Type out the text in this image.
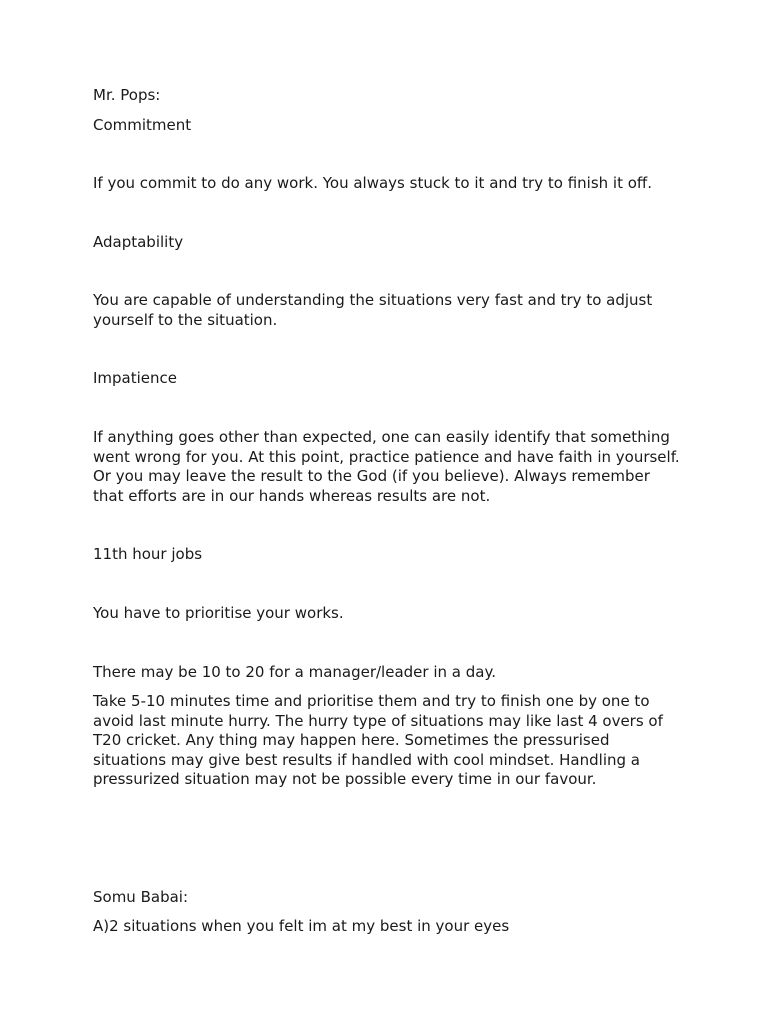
Mr. Pops:

Commitment

If you commit to do any work. You always stuck to it and try to finish it off.

Adaptability

You are capable of understanding the situations very fast and try to adjust yourself to the situation.

Impatience

If anything goes other than expected, one can easily identify that something went wrong for you. At this point, practice patience and have faith in yourself. Or you may leave the result to the God (if you believe). Always remember that efforts are in our hands whereas results are not.

11th hour jobs

You have to prioritise your works.

There may be 10 to 20 for a manager/leader in a day.

Take 5-10 minutes time and prioritise them and try to finish one by one to avoid last minute hurry. The hurry type of situations may like last 4 overs of T20 cricket. Any thing may happen here. Sometimes the pressurised situations may give best results if handled with cool mindset. Handling a pressurized situation may not be possible every time in our favour.

Somu Babai:

A)2 situations when you felt im at my best in your eyes
